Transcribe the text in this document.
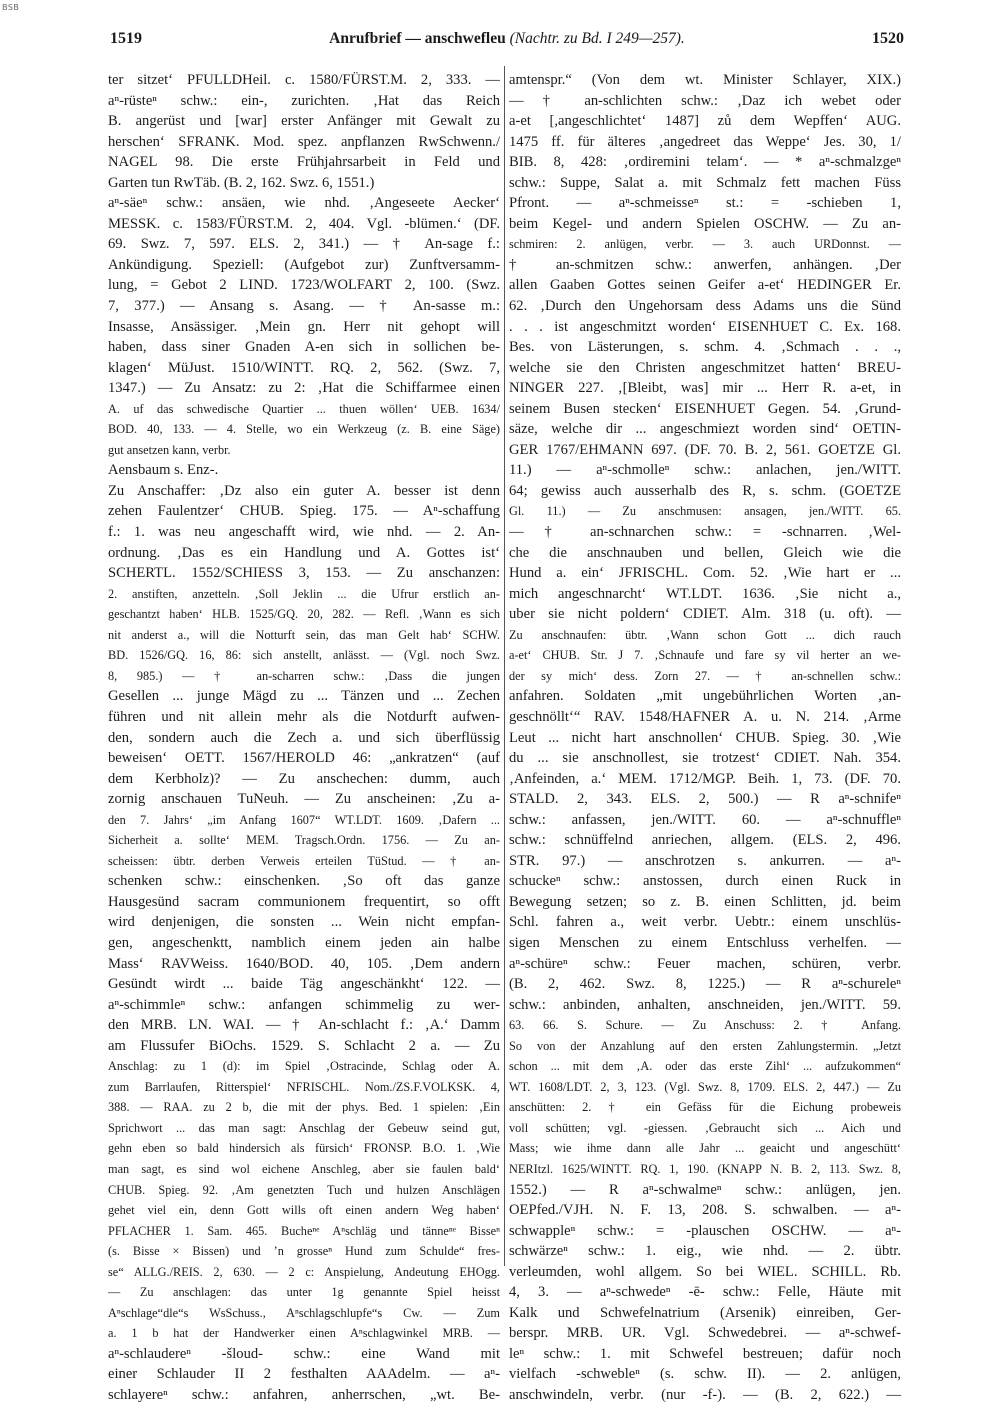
BSB
1519	Anrufbrief — anschwefleu (Nachtr. zu Bd. I 249—257).	1520
ter sitzet‘ PFULLDHeil. c. 1580/FÜRST.M. 2, 333. —
aⁿ-rüsteⁿ schw.: ein-, zurichten. ‚Hat das Reich
B. angerüst und [war] erster Anfänger mit Gewalt zu
herschen‘ SFRANK. Mod. spez. anpflanzen RwSchwenn./
NAGEL 98. Die erste Frühjahrsarbeit in Feld und
Garten tun RwTäb. (B. 2, 162. Swz. 6, 1551.)
aⁿ-säeⁿ schw.: ansäen, wie nhd. ‚Angeseete Aecker‘
MESSK. c. 1583/FÜRST.M. 2, 404. Vgl. -blümen.‘ (DF.
69. Swz. 7, 597. ELS. 2, 341.) — † An-sage f.:
Ankündigung. Speziell: (Aufgebot zur) Zunftversamm-
lung, = Gebot 2 LIND. 1723/WOLFART 2, 100. (Swz.
7, 377.) — Ansang s. Asang. — † An-sasse m.:
Insasse, Ansässiger. ‚Mein gn. Herr nit gehopt will
haben, dass siner Gnaden A-en sich in sollichen be-
klagen‘ MüJust. 1510/WINTT. RQ. 2, 562. (Swz. 7,
1347.) — Zu Ansatz: zu 2: ‚Hat die Schiffarmee einen
A. uf das schwedische Quartier ... thuen wöllen‘ UEB. 1634/
BOD. 40, 133. — 4. Stelle, wo ein Werkzeug (z. B. eine Säge)
gut ansetzen kann, verbr.
Aensbaum s. Enz-.
Zu Anschaffer: ‚Dz also ein guter A. besser ist denn
zehen Faulentzer‘ CHUB. Spieg. 175. — Aⁿ-schaffung
f.: 1. was neu angeschafft wird, wie nhd. — 2. An-
ordnung. ‚Das es ein Handlung und A. Gottes ist‘
SCHERTL. 1552/SCHIESS 3, 153. — Zu anschanzen:
2. anstiften, anzetteln. ‚Soll Jeklin ... die Ufrur erstlich an-
geschantzt haben‘ HLB. 1525/GQ. 20, 282. — Refl. ‚Wann es sich
nit anderst a., will die Notturft sein, das man Gelt hab‘ SCHW.
BD. 1526/GQ. 16, 86: sich anstellt, anlässt. — (Vgl. noch Swz.
8, 985.) — † an-scharren schw.: ‚Dass die jungen
Gesellen ... junge Mägd zu ... Tänzen und ... Zechen
führen und nit allein mehr als die Notdurft aufwen-
den, sondern auch die Zech a. und sich überflüssig
beweisen‘ OETT. 1567/HEROLD 46: „ankratzen“ (auf
dem Kerbholz)? — Zu anschechen: dumm, auch
zornig anschauen TuNeuh. — Zu anscheinen: ‚Zu a-
den 7. Jahrs‘ „im Anfang 1607“ WT.LDT. 1609. ‚Dafern ...
Sicherheit a. sollte‘ MEM. Tragsch.Ordn. 1756. — Zu an-
scheissen: übtr. derben Verweis erteilen TüStud. — † an-
schenken schw.: einschenken. ‚So oft das ganze
Hausgesünd sacram communionem frequentirt, so offt
wird denjenigen, die sonsten ... Wein nicht empfan-
gen, angeschenktt, namblich einem jeden ain halbe
Mass‘ RAVWeiss. 1640/BOD. 40, 105. ‚Dem andern
Gesündt wirdt ... baide Täg angeschänkht‘ 122. —
aⁿ-schimmleⁿ schw.: anfangen schimmelig zu wer-
den MRB. LN. WAI. — † An-schlacht f.: ‚A.‘ Damm
am Flussufer BiOchs. 1529. S. Schlacht 2 a. — Zu
Anschlag: zu 1 (d): im Spiel ‚Ostracinde, Schlag oder A.
zum Barrlaufen, Ritterspiel‘ NFRISCHL. Nom./ZS.F.VOLKSK. 4,
388. — RAA. zu 2 b, die mit der phys. Bed. 1 spielen: ‚Ein
Sprichwort ... das man sagt: Anschlag der Gebeuw seind gut,
gehn eben so bald hindersich als fürsich‘ FRONSP. B.O. 1. ‚Wie
man sagt, es sind wol eichene Anschleg, aber sie faulen bald‘
CHUB. Spieg. 92. ‚Am genetzten Tuch und hulzen Anschlägen
gehet viel ein, denn Gott wills oft einen andern Weg haben‘
PFLACHER 1. Sam. 465. Bucheⁿᵉ Aⁿschläg und tänneⁿᵉ Bisseⁿ
(s. Bisse × Bissen) und ’n grosseⁿ Hund zum Schulde“ fres-
se“ ALLG./REIS. 2, 630. — 2 c: Anspielung, Andeutung EHOgg.
— Zu anschlagen: das unter 1g genannte Spiel heisst
Aⁿschlage“dle“s WsSchuss., Aⁿschlagschlupfe“s Cw. — Zum
a. 1 b hat der Handwerker einen Aⁿschlagwinkel MRB. —
aⁿ-schlaudereⁿ -šloud- schw.: eine Wand mit
einer Schlauder II 2 festhalten AAAdelm. — aⁿ-
schlayereⁿ schw.: anfahren, anherrschen, „wt. Be-
amtenspr.“ (Von dem wt. Minister Schlayer, XIX.)
— † an-schlichten schw.: ‚Daz ich webet oder
a-et [,angeschlichtet‘ 1487] zů dem Wepffen‘ AUG.
1475 ff. für älteres ‚angedreet das Weppe‘ Jes. 30, 1/
BIB. 8, 428: ‚ordiremini telam‘. — * aⁿ-schmalzgeⁿ
schw.: Suppe, Salat a. mit Schmalz fett machen Füss
Pfront. — aⁿ-schmeisseⁿ st.: = -schieben 1,
beim Kegel- und andern Spielen OSCHW. — Zu an-
schmiren: 2. anlügen, verbr. — 3. auch URDonnst. —
† an-schmitzen schw.: anwerfen, anhängen. ‚Der
allen Gaaben Gottes seinen Geifer a-et‘ HEDINGER Er.
62. ‚Durch den Ungehorsam dess Adams uns die Sünd
. . . ist angeschmitzt worden‘ EISENHUET C. Ex. 168.
Bes. von Lästerungen, s. schm. 4. ‚Schmach . . .,
welche sie den Christen angeschmitzet hatten‘ BREU-
NINGER 227. ‚[Bleibt, was] mir ... Herr R. a-et, in
seinem Busen stecken‘ EISENHUET Gegen. 54. ‚Grund-
säze, welche dir ... angeschmiezt worden sind‘ OETIN-
GER 1767/EHMANN 697. (DF. 70. B. 2, 561. GOETZE Gl.
11.) — aⁿ-schmolleⁿ schw.: anlachen, jen./WITT.
64; gewiss auch ausserhalb des R, s. schm. (GOETZE
Gl. 11.) — Zu anschmusen: ansagen, jen./WITT. 65.
— † an-schnarchen schw.: = -schnarren. ‚Wel-
che die anschnauben und bellen, Gleich wie die
Hund a. ein‘ JFRISCHL. Com. 52. ‚Wie hart er ...
mich angeschnarcht‘ WT.LDT. 1636. ‚Sie nicht a.,
uber sie nicht poldern‘ CDIET. Alm. 318 (u. oft). —
Zu anschnaufen: übtr. ‚Wann schon Gott ... dich rauch
a-et‘ CHUB. Str. J 7. ‚Schnaufe und fare sy vil herter an we-
der sy mich‘ dess. Zorn 27. — † an-schnellen schw.:
anfahren. Soldaten „mit ungebührlichen Worten ‚an-
geschnöllt‘“ RAV. 1548/HAFNER A. u. N. 214. ‚Arme
Leut ... nicht hart anschnollen‘ CHUB. Spieg. 30. ‚Wie
du ... sie anschnollest, sie trotzest‘ CDIET. Nah. 354.
‚Anfeinden, a.‘ MEM. 1712/MGP. Beih. 1, 73. (DF. 70.
STALD. 2, 343. ELS. 2, 500.) — R aⁿ-schnifeⁿ
schw.: anfassen, jen./WITT. 60. — aⁿ-schnuffleⁿ
schw.: schnüffelnd anriechen, allgem. (ELS. 2, 496.
STR. 97.) — anschrotzen s. ankurren. — aⁿ-
schuckeⁿ schw.: anstossen, durch einen Ruck in
Bewegung setzen; so z. B. einen Schlitten, jd. beim
Schl. fahren a., weit verbr. Uebtr.: einem unschlüs-
sigen Menschen zu einem Entschluss verhelfen. —
aⁿ-schüreⁿ schw.: Feuer machen, schüren, verbr.
(B. 2, 462. Swz. 8, 1225.) — R aⁿ-schureleⁿ
schw.: anbinden, anhalten, anschneiden, jen./WITT. 59.
63. 66. S. Schure. — Zu Anschuss: 2. † Anfang.
So von der Anzahlung auf den ersten Zahlungstermin. „Jetzt
schon ... mit dem ‚A. oder das erste Zihl‘ ... aufzukommen“
WT. 1608/LDT. 2, 3, 123. (Vgl. Swz. 8, 1709. ELS. 2, 447.) — Zu
anschütten: 2. † ein Gefäss für die Eichung probeweis
voll schütten; vgl. -giessen. ‚Gebraucht sich ... Aich und
Mass; wie ihme dann alle Jahr ... geaicht und angeschütt‘
NERItzl. 1625/WINTT. RQ. 1, 190. (KNAPP N. B. 2, 113. Swz. 8,
1552.) — R aⁿ-schwalmeⁿ schw.: anlügen, jen.
OEPfed./VJH. N. F. 13, 208. S. schwalben. — aⁿ-
schwappleⁿ schw.: = -plauschen OSCHW. — aⁿ-
schwärzeⁿ schw.: 1. eig., wie nhd. — 2. übtr.
verleumden, wohl allgem. So bei WIEL. SCHILL. Rb.
4, 3. — aⁿ-schwedeⁿ -ē- schw.: Felle, Häute mit
Kalk und Schwefelnatrium (Arsenik) einreiben, Ger-
berspr. MRB. UR. Vgl. Schwedebrei. — aⁿ-schwef-
leⁿ schw.: 1. mit Schwefel bestreuen; dafür noch
vielfach -schwebleⁿ (s. schw. II). — 2. anlügen,
anschwindeln, verbr. (nur -f-). — (B. 2, 622.) —
